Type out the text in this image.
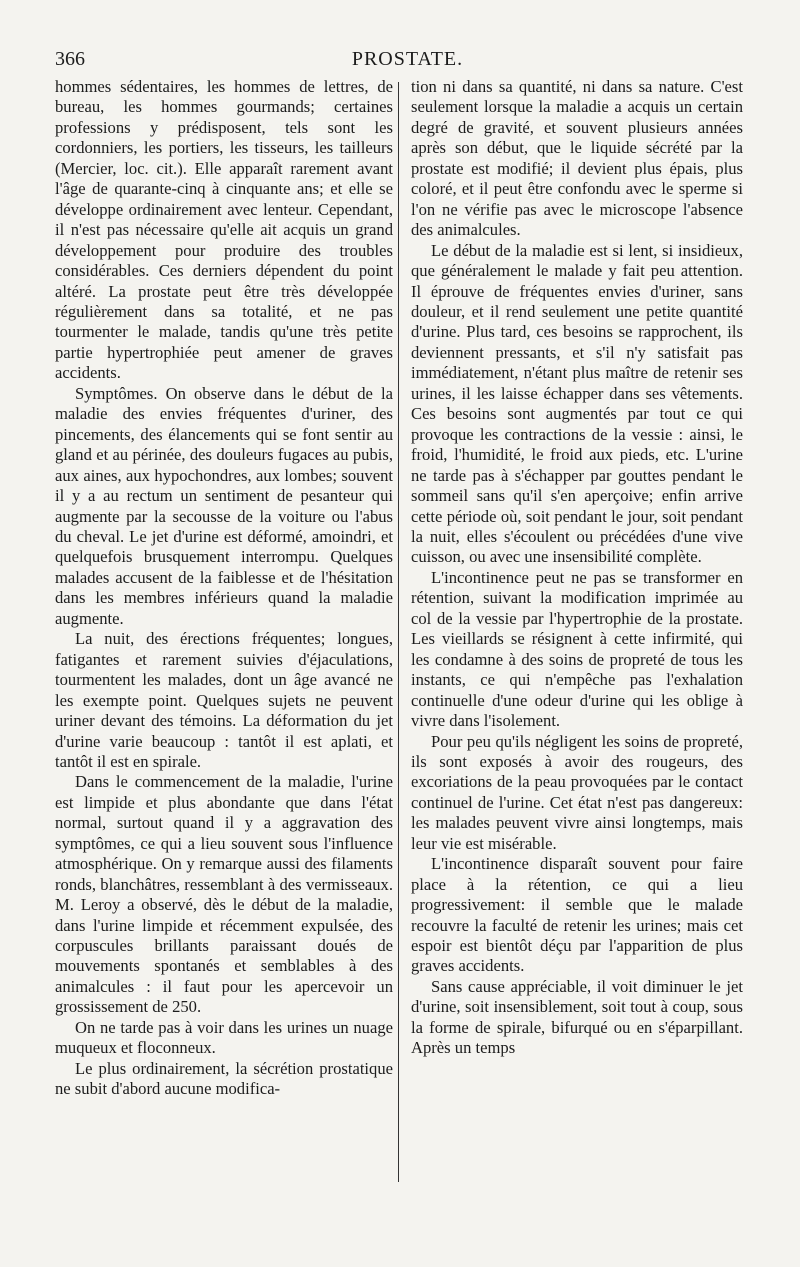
366	PROSTATE.

hommes sédentaires, les hommes de lettres, de bureau, les hommes gourmands; certaines professions y prédisposent, tels sont les cordonniers, les portiers, les tisseurs, les tailleurs (Mercier, loc. cit.). Elle apparaît rarement avant l'âge de quarante-cinq à cinquante ans; et elle se développe ordinairement avec lenteur. Cependant, il n'est pas nécessaire qu'elle ait acquis un grand développement pour produire des troubles considérables. Ces derniers dépendent du point altéré. La prostate peut être très développée régulièrement dans sa totalité, et ne pas tourmenter le malade, tandis qu'une très petite partie hypertrophiée peut amener de graves accidents.

Symptômes. On observe dans le début de la maladie des envies fréquentes d'uriner, des pincements, des élancements qui se font sentir au gland et au périnée, des douleurs fugaces au pubis, aux aines, aux hypochondres, aux lombes; souvent il y a au rectum un sentiment de pesanteur qui augmente par la secousse de la voiture ou l'abus du cheval. Le jet d'urine est déformé, amoindri, et quelquefois brusquement interrompu. Quelques malades accusent de la faiblesse et de l'hésitation dans les membres inférieurs quand la maladie augmente.

La nuit, des érections fréquentes; longues, fatigantes et rarement suivies d'éjaculations, tourmentent les malades, dont un âge avancé ne les exempte point. Quelques sujets ne peuvent uriner devant des témoins. La déformation du jet d'urine varie beaucoup : tantôt il est aplati, et tantôt il est en spirale.

Dans le commencement de la maladie, l'urine est limpide et plus abondante que dans l'état normal, surtout quand il y a aggravation des symptômes, ce qui a lieu souvent sous l'influence atmosphérique. On y remarque aussi des filaments ronds, blanchâtres, ressemblant à des vermisseaux. M. Leroy a observé, dès le début de la maladie, dans l'urine limpide et récemment expulsée, des corpuscules brillants paraissant doués de mouvements spontanés et semblables à des animalcules : il faut pour les apercevoir un grossissement de 250.

On ne tarde pas à voir dans les urines un nuage muqueux et floconneux.

Le plus ordinairement, la sécrétion prostatique ne subit d'abord aucune modifica-

tion ni dans sa quantité, ni dans sa nature. C'est seulement lorsque la maladie a acquis un certain degré de gravité, et souvent plusieurs années après son début, que le liquide sécrété par la prostate est modifié; il devient plus épais, plus coloré, et il peut être confondu avec le sperme si l'on ne vérifie pas avec le microscope l'absence des animalcules.

Le début de la maladie est si lent, si insidieux, que généralement le malade y fait peu attention. Il éprouve de fréquentes envies d'uriner, sans douleur, et il rend seulement une petite quantité d'urine. Plus tard, ces besoins se rapprochent, ils deviennent pressants, et s'il n'y satisfait pas immédiatement, n'étant plus maître de retenir ses urines, il les laisse échapper dans ses vêtements. Ces besoins sont augmentés par tout ce qui provoque les contractions de la vessie : ainsi, le froid, l'humidité, le froid aux pieds, etc. L'urine ne tarde pas à s'échapper par gouttes pendant le sommeil sans qu'il s'en aperçoive; enfin arrive cette période où, soit pendant le jour, soit pendant la nuit, elles s'écoulent ou précédées d'une vive cuisson, ou avec une insensibilité complète.

L'incontinence peut ne pas se transformer en rétention, suivant la modification imprimée au col de la vessie par l'hypertrophie de la prostate. Les vieillards se résignent à cette infirmité, qui les condamne à des soins de propreté de tous les instants, ce qui n'empêche pas l'exhalation continuelle d'une odeur d'urine qui les oblige à vivre dans l'isolement.

Pour peu qu'ils négligent les soins de propreté, ils sont exposés à avoir des rougeurs, des excoriations de la peau provoquées par le contact continuel de l'urine. Cet état n'est pas dangereux: les malades peuvent vivre ainsi longtemps, mais leur vie est misérable.

L'incontinence disparaît souvent pour faire place à la rétention, ce qui a lieu progressivement: il semble que le malade recouvre la faculté de retenir les urines; mais cet espoir est bientôt déçu par l'apparition de plus graves accidents.

Sans cause appréciable, il voit diminuer le jet d'urine, soit insensiblement, soit tout à coup, sous la forme de spirale, bifurqué ou en s'éparpillant. Après un temps
